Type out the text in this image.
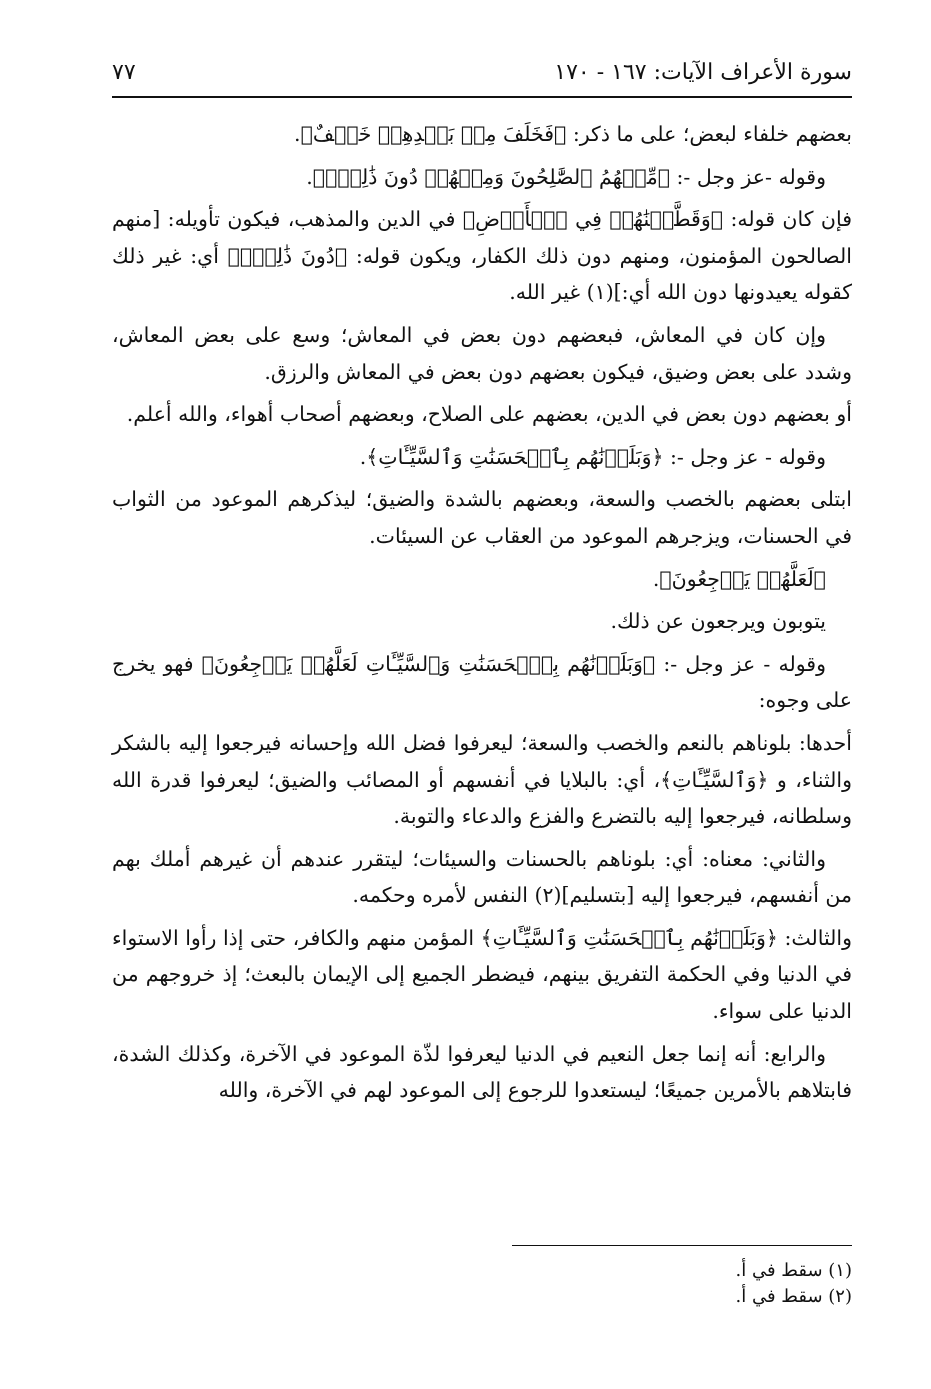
سورة الأعراف الآيات: ١٦٧ - ١٧٠
٧٧

بعضهم خلفاء لبعض؛ على ما ذكر: ﴿فَخَلَفَ مِنۢ بَعۡدِهِمۡ خَلۡفٌ﴾.

وقوله -عز وجل -: ﴿مِّنۡهُمُ ٱلصَّٰلِحُونَ وَمِنۡهُمۡ دُونَ ذَٰلِكَۖ﴾.

فإن كان قوله: ﴿وَقَطَّعۡنَٰهُمۡ فِي ٱلۡأَرۡضِ﴾ في الدين والمذهب، فيكون تأويله: [منهم الصالحون المؤمنون، ومنهم دون ذلك الكفار، ويكون قوله: ﴿دُونَ ذَٰلِكَۖ﴾ أي: غير ذلك كقوله يعيدونها دون الله أي:](١) غير الله.

وإن كان في المعاش، فبعضهم دون بعض في المعاش؛ وسع على بعض المعاش، وشدد على بعض وضيق، فيكون بعضهم دون بعض في المعاش والرزق.

أو بعضهم دون بعض في الدين، بعضهم على الصلاح، وبعضهم أصحاب أهواء، والله أعلم.

وقوله - عز وجل -: ﴿وَبَلَوۡنَٰهُم بِٱلۡحَسَنَٰتِ وَٱلسَّيِّـَٔاتِ﴾.

ابتلى بعضهم بالخصب والسعة، وبعضهم بالشدة والضيق؛ ليذكرهم الموعود من الثواب في الحسنات، ويزجرهم الموعود من العقاب عن السيئات.

﴿لَعَلَّهُمۡ يَرۡجِعُونَ﴾.

يتوبون ويرجعون عن ذلك.

وقوله - عز وجل -: ﴿وَبَلَوۡنَٰهُم بِٱلۡحَسَنَٰتِ وَٱلسَّيِّـَٔاتِ لَعَلَّهُمۡ يَرۡجِعُونَ﴾ فهو يخرج على وجوه:

أحدها: بلوناهم بالنعم والخصب والسعة؛ ليعرفوا فضل الله وإحسانه فيرجعوا إليه بالشكر والثناء، و ﴿وَٱلسَّيِّـَٔاتِ﴾، أي: بالبلايا في أنفسهم أو المصائب والضيق؛ ليعرفوا قدرة الله وسلطانه، فيرجعوا إليه بالتضرع والفزع والدعاء والتوبة.

والثاني: معناه: أي: بلوناهم بالحسنات والسيئات؛ ليتقرر عندهم أن غيرهم أملك بهم من أنفسهم، فيرجعوا إليه [بتسليم](٢) النفس لأمره وحكمه.

والثالث: ﴿وَبَلَوۡنَٰهُم بِٱلۡحَسَنَٰتِ وَٱلسَّيِّـَٔاتِ﴾ المؤمن منهم والكافر، حتى إذا رأوا الاستواء في الدنيا وفي الحكمة التفريق بينهم، فيضطر الجميع إلى الإيمان بالبعث؛ إذ خروجهم من الدنيا على سواء.

والرابع: أنه إنما جعل النعيم في الدنيا ليعرفوا لذّة الموعود في الآخرة، وكذلك الشدة، فابتلاهم بالأمرين جميعًا؛ ليستعدوا للرجوع إلى الموعود لهم في الآخرة، والله

(١) سقط في أ.
(٢) سقط في أ.
